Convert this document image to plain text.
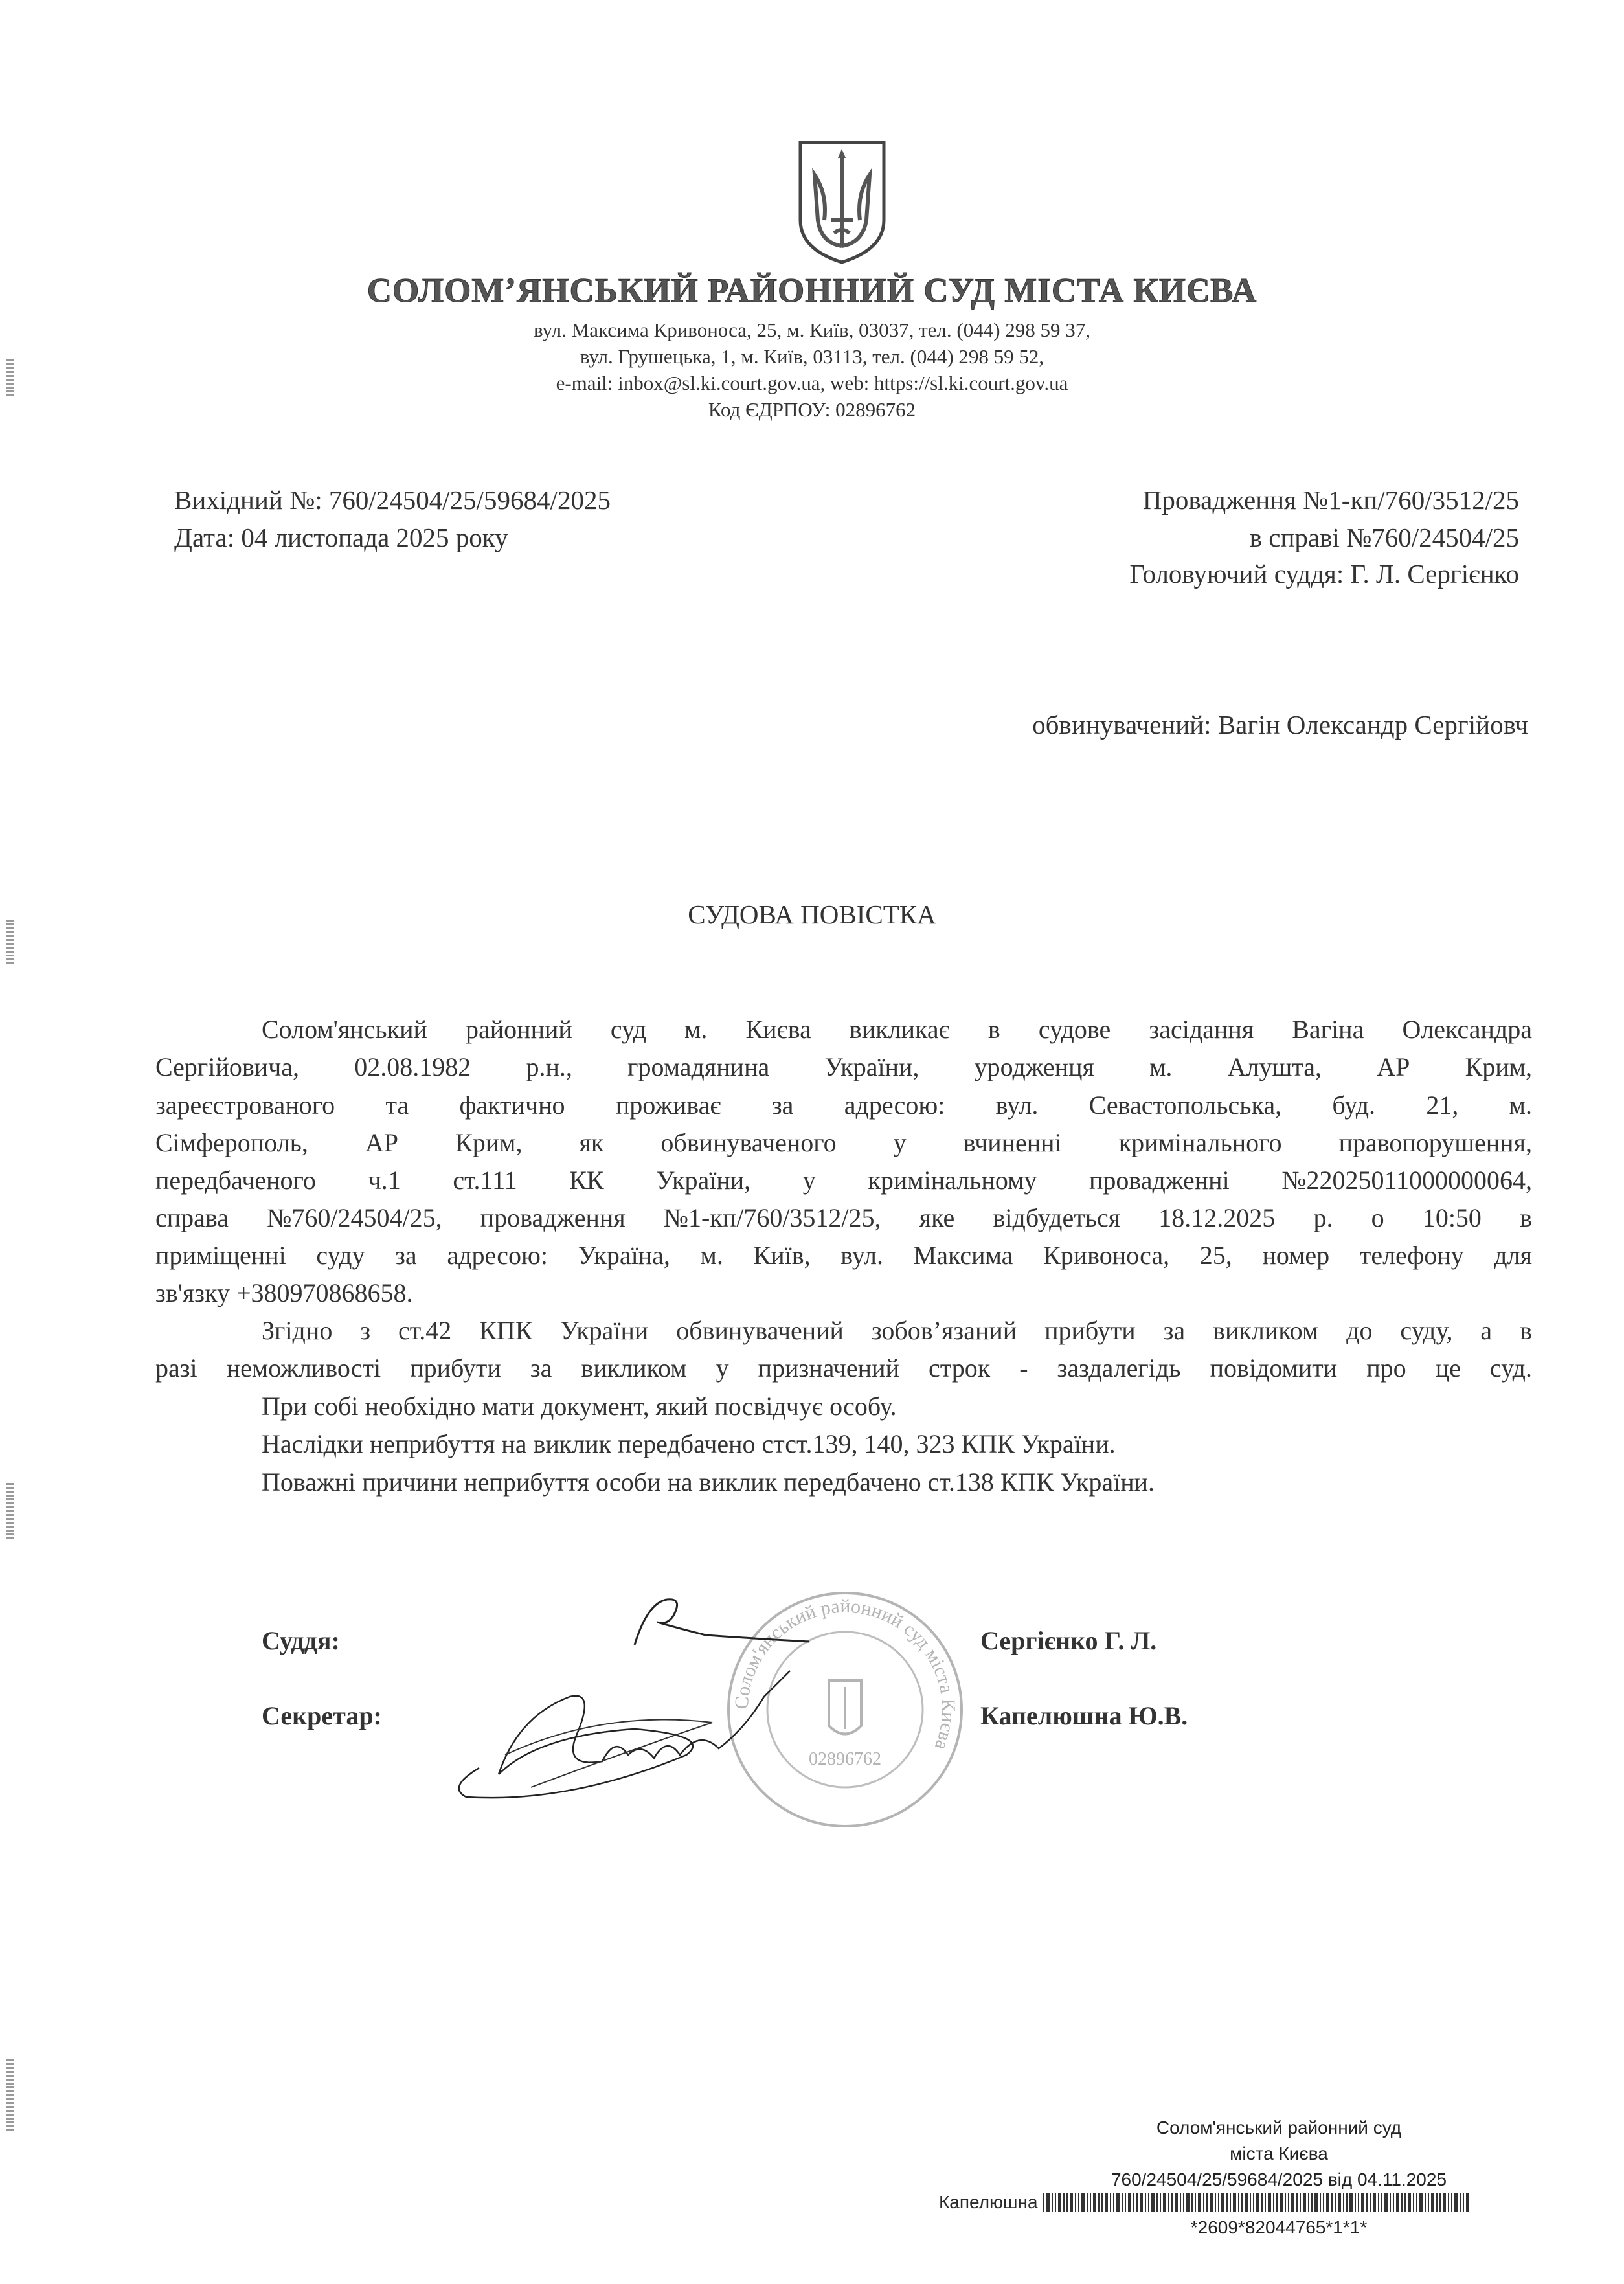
СОЛОМ’ЯНСЬКИЙ РАЙОННИЙ СУД МІСТА КИЄВА
вул. Максима Кривоноса, 25, м. Київ, 03037, тел. (044) 298 59 37,
вул. Грушецька, 1, м. Київ, 03113, тел. (044) 298 59 52,
e-mail: inbox@sl.ki.court.gov.ua, web: https://sl.ki.court.gov.ua
Код ЄДРПОУ: 02896762
Вихідний №: 760/24504/25/59684/2025
Дата: 04 листопада 2025 року
Провадження №1-кп/760/3512/25
в справі №760/24504/25
Головуючий суддя: Г. Л. Сергієнко
обвинувачений: Вагін Олександр Сергійовч
СУДОВА ПОВІСТКА
Солом'янський районний суд м. Києва викликає в судове засідання Вагіна Олександра
Сергійовича, 02.08.1982 р.н., громадянина України, уродженця м. Алушта, АР Крим,
зареєстрованого та фактично проживає за адресою: вул. Севастопольська, буд. 21, м.
Сімферополь, АР Крим, як обвинуваченого у вчиненні кримінального правопорушення,
передбаченого ч.1 ст.111 КК України, у кримінальному провадженні №22025011000000064,
справа №760/24504/25, провадження №1-кп/760/3512/25, яке відбудеться 18.12.2025 р. о 10:50 в
приміщенні суду за адресою: Україна, м. Київ, вул. Максима Кривоноса, 25, номер телефону для
зв'язку +380970868658.
Згідно з ст.42 КПК України обвинувачений зобов’язаний прибути за викликом до суду, а в
разі неможливості прибути за викликом у призначений строк - заздалегідь повідомити про це суд.
При собі необхідно мати документ, який посвідчує особу.
Наслідки неприбуття на виклик передбачено стст.139, 140, 323 КПК України.
Поважні причини неприбуття особи на виклик передбачено ст.138 КПК України.
Суддя:	Сергієнко Г. Л.
Секретар:	Капелюшна Ю.В.
Солом'янський районний суд міста Києва
02896762
Солом'янський районний суд
міста Києва
760/24504/25/59684/2025 від 04.11.2025
Капелюшна
*2609*82044765*1*1*
